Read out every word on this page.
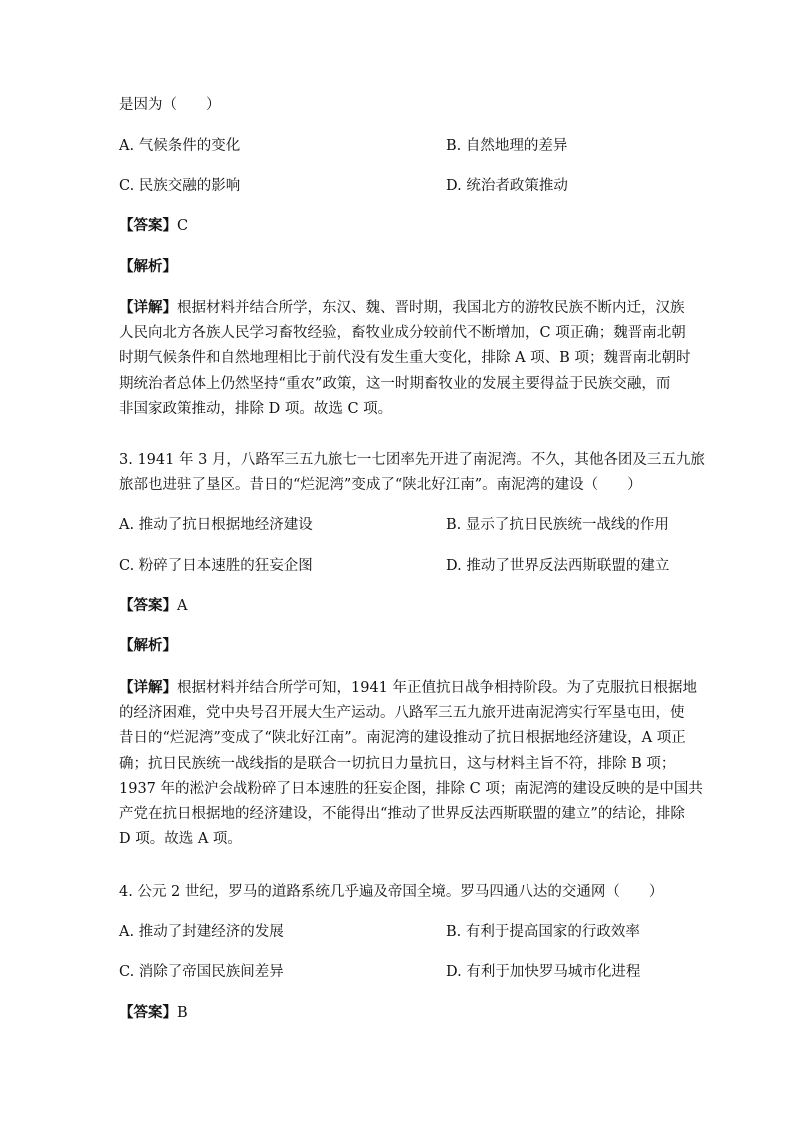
是因为（　　）
A. 气候条件的变化	B. 自然地理的差异
C. 民族交融的影响	D. 统治者政策推动
【答案】C
【解析】

【详解】根据材料并结合所学，东汉、魏、晋时期，我国北方的游牧民族不断内迁，汉族

人民向北方各族人民学习畜牧经验，畜牧业成分较前代不断增加，C 项正确；魏晋南北朝

时期气候条件和自然地理相比于前代没有发生重大变化，排除 A 项、B 项；魏晋南北朝时

期统治者总体上仍然坚持“重农”政策，这一时期畜牧业的发展主要得益于民族交融，而

非国家政策推动，排除 D 项。故选 C 项。

3. 1941 年 3 月，八路军三五九旅七一七团率先开进了南泥湾。不久，其他各团及三五九旅

旅部也进驻了垦区。昔日的“烂泥湾”变成了“陕北好江南”。南泥湾的建设（　　）

A. 推动了抗日根据地经济建设	B. 显示了抗日民族统一战线的作用
C. 粉碎了日本速胜的狂妄企图	D. 推动了世界反法西斯联盟的建立
【答案】A
【解析】

【详解】根据材料并结合所学可知，1941 年正值抗日战争相持阶段。为了克服抗日根据地

的经济困难，党中央号召开展大生产运动。八路军三五九旅开进南泥湾实行军垦屯田，使

昔日的“烂泥湾”变成了“陕北好江南”。南泥湾的建设推动了抗日根据地经济建设，A 项正

确；抗日民族统一战线指的是联合一切抗日力量抗日，这与材料主旨不符，排除 B 项；

1937 年的淞沪会战粉碎了日本速胜的狂妄企图，排除 C 项；南泥湾的建设反映的是中国共

产党在抗日根据地的经济建设，不能得出“推动了世界反法西斯联盟的建立”的结论，排除

D 项。故选 A 项。

4. 公元 2 世纪，罗马的道路系统几乎遍及帝国全境。罗马四通八达的交通网（　　）
A. 推动了封建经济的发展	B. 有利于提高国家的行政效率
C. 消除了帝国民族间差异	D. 有利于加快罗马城市化进程
【答案】B
